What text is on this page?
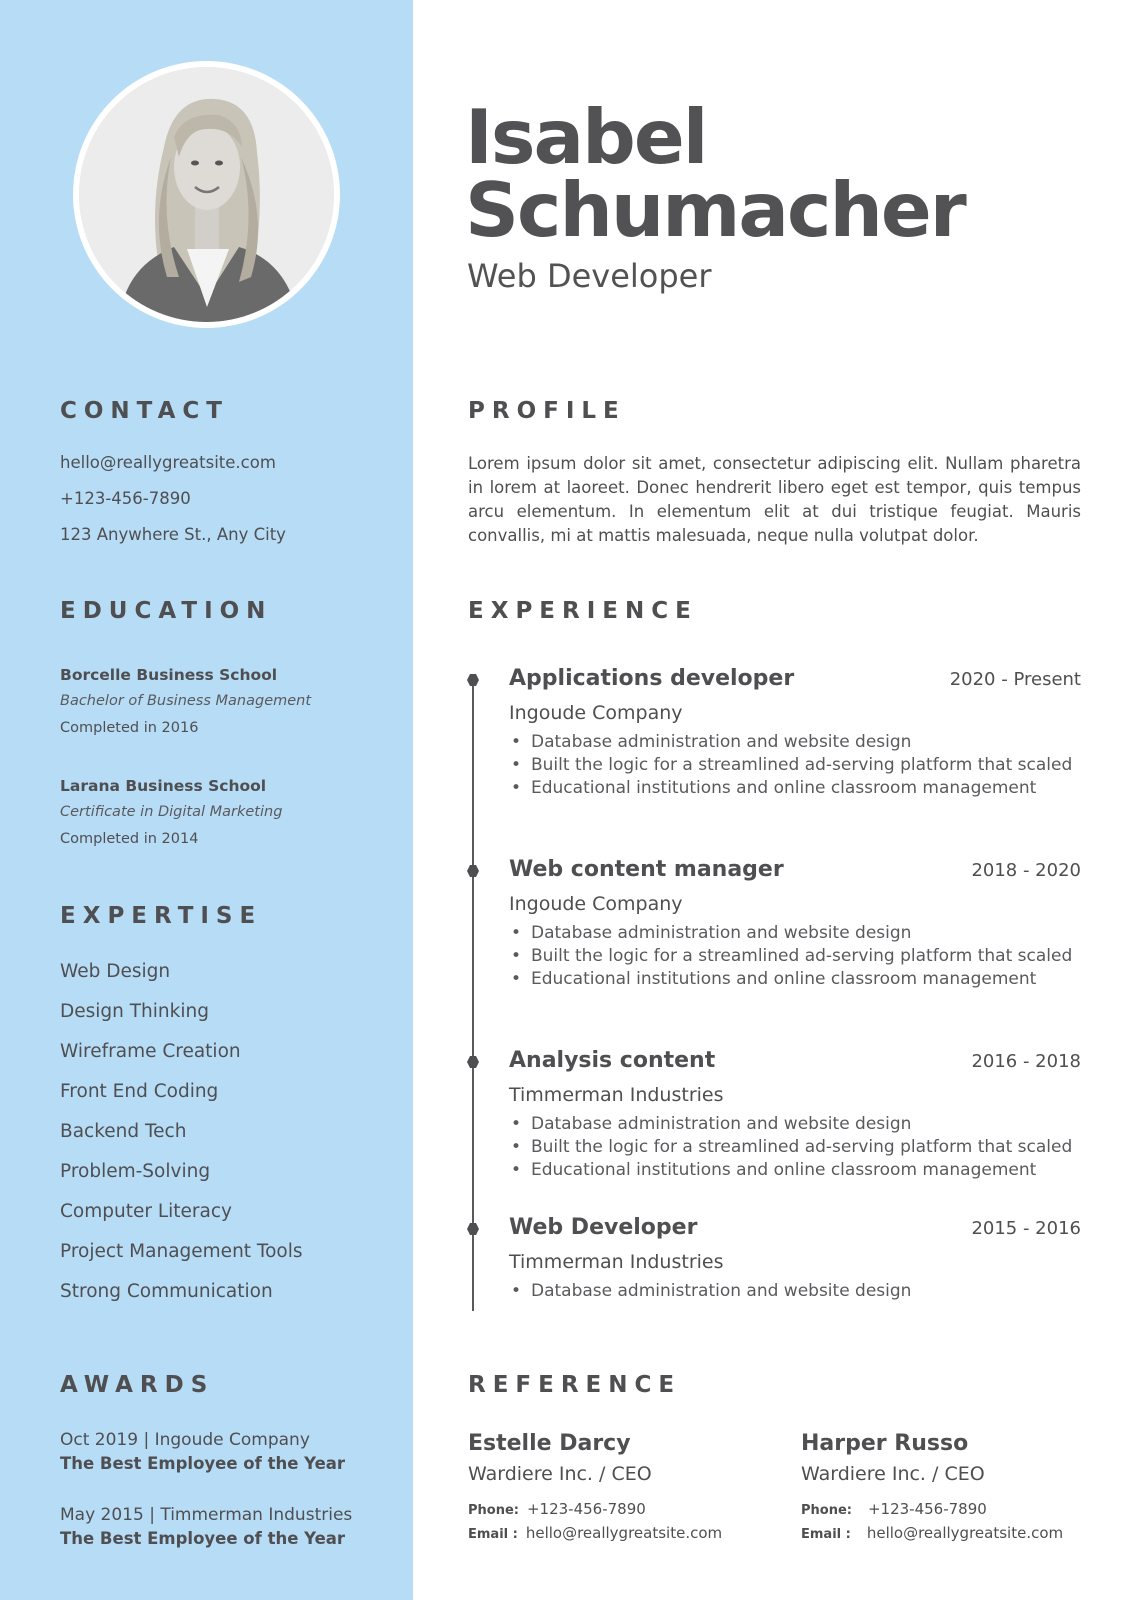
CONTACT
hello@reallygreatsite.com
+123-456-7890
123 Anywhere St., Any City
EDUCATION
Borcelle Business School
Bachelor of Business Management
Completed in 2016
Larana Business School
Certificate in Digital Marketing
Completed in 2014
EXPERTISE
Web Design
Design Thinking
Wireframe Creation
Front End Coding
Backend Tech
Problem-Solving
Computer Literacy
Project Management Tools
Strong Communication
AWARDS
Oct 2019 | Ingoude Company
The Best Employee of the Year
May 2015 | Timmerman Industries
The Best Employee of the Year
Isabel
Schumacher
Web Developer
PROFILE
Lorem ipsum dolor sit amet, consectetur adipiscing elit. Nullam pharetra in lorem at laoreet. Donec hendrerit libero eget est tempor, quis tempus arcu elementum. In elementum elit at dui tristique feugiat. Mauris convallis, mi at mattis malesuada, neque nulla volutpat dolor.
EXPERIENCE
Applications developer	2020 - Present
Ingoude Company
• Database administration and website design
• Built the logic for a streamlined ad-serving platform that scaled
• Educational institutions and online classroom management
Web content manager	2018 - 2020
Ingoude Company
• Database administration and website design
• Built the logic for a streamlined ad-serving platform that scaled
• Educational institutions and online classroom management
Analysis content	2016 - 2018
Timmerman Industries
• Database administration and website design
• Built the logic for a streamlined ad-serving platform that scaled
• Educational institutions and online classroom management
Web Developer	2015 - 2016
Timmerman Industries
• Database administration and website design
REFERENCE
Estelle Darcy
Wardiere Inc. / CEO
Phone: +123-456-7890
Email : hello@reallygreatsite.com
Harper Russo
Wardiere Inc. / CEO
Phone: +123-456-7890
Email : hello@reallygreatsite.com
